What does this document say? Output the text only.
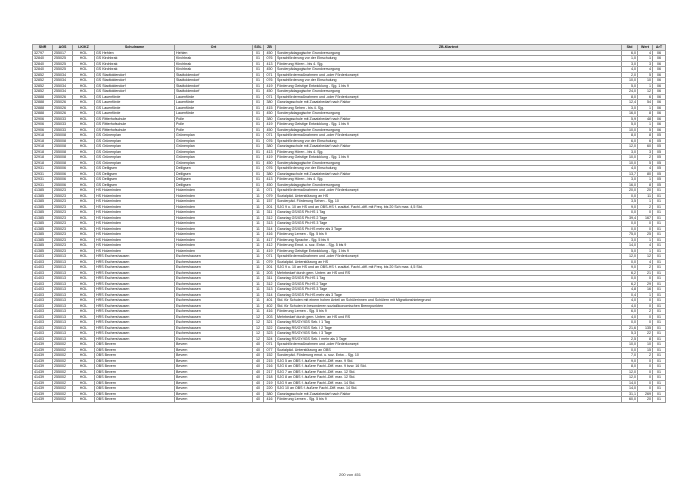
SNR	AGS	LK/KZ	Schulname	Ort	SGL	ZB	ZB-Klartext	Std	Wert	ArT
32797	255017	HOL	GS Hehlen	Hehlen	01	450	Sonderpädagogische Grundversorgung	6,0	4	06
32840	255025	HOL	GS Kirchbrak	Kirchbrak	01	076	Sprachförderung vor der Einschulung	1,0	1	06
32840	255025	HOL	GS Kirchbrak	Kirchbrak	01	413	Förderung Hören - bis 4. Sjg.	3,0	3	06
32840	255025	HOL	GS Kirchbrak	Kirchbrak	01	450	Sonderpädagogische Grundversorgung	4,0	4	06
32852	255034	HOL	GS Stadtoldendorf	Stadtoldendorf	01	071	Sprachfördermaßnahmen und -oder Förderkonzept	2,0	5	06
32852	255034	HOL	GS Stadtoldendorf	Stadtoldendorf	01	076	Sprachförderung vor der Einschulung	10,0	10	06
32852	255034	HOL	GS Stadtoldendorf	Stadtoldendorf	01	419	Förderung Geistige Entwicklung - Sjg. 1 bis 9	5,0	1	06
32852	255034	HOL	GS Stadtoldendorf	Stadtoldendorf	01	450	Sonderpädagogische Grundversorgung	24,0	12	06
32888	255026	HOL	GS Lauenförde	Lauenförde	01	071	Sprachfördermaßnahmen und -oder Förderkonzept	8,0	6	06
32888	255026	HOL	GS Lauenförde	Lauenförde	01	380	Ganztagsschule mit Zusatzbedarf nach Faktor	12,4	54	06
32888	255026	HOL	GS Lauenförde	Lauenförde	01	415	Förderung Sehen - bis 4. Sjg.	3,0	1	06
32888	255026	HOL	GS Lauenförde	Lauenförde	01	450	Sonderpädagogische Grundversorgung	16,0	8	06
32906	255033	HOL	GS Ritterhofschule	Polle	01	380	Ganztagsschule mit Zusatzbedarf nach Faktor	5,9	48	06
32906	255033	HOL	GS Ritterhofschule	Polle	01	419	Förderung Geistige Entwicklung - Sjg. 1 bis 9	5,0	1	06
32906	255033	HOL	GS Ritterhofschule	Polle	01	450	Sonderpädagogische Grundversorgung	10,0	5	06
32918	255008	HOL	GS Grünenplan	Grünenplan	01	071	Sprachfördermaßnahmen und -oder Förderkonzept	8,0	8	05
32918	255008	HOL	GS Grünenplan	Grünenplan	01	076	Sprachförderung vor der Einschulung	6,0	6	05
32918	255008	HOL	GS Grünenplan	Grünenplan	01	380	Ganztagsschule mit Zusatzbedarf nach Faktor	12,0	60	05
32918	255008	HOL	GS Grünenplan	Grünenplan	01	413	Förderung Hören - bis 4. Sjg.	3,0	3	05
32918	255008	HOL	GS Grünenplan	Grünenplan	01	419	Förderung Geistige Entwicklung - Sjg. 1 bis 9	10,0	2	05
32918	255008	HOL	GS Grünenplan	Grünenplan	01	450	Sonderpädagogische Grundversorgung	10,0	5	05
32931	255006	HOL	GS Delligsen	Delligsen	01	076	Sprachförderung vor der Einschulung	4,0	4	05
32931	255006	HOL	GS Delligsen	Delligsen	01	380	Ganztagsschule mit Zusatzbedarf nach Faktor	13,7	80	05
32931	255006	HOL	GS Delligsen	Delligsen	01	413	Förderung Hören - bis 4. Sjg.	3,0	1	05
32931	255006	HOL	GS Delligsen	Delligsen	01	450	Sonderpädagogische Grundversorgung	16,0	8	05
41385	255023	HOL	HS Holzminden	Holzminden	11	071	Sprachfördermaßnahmen und -oder Förderkonzept	20,0	20	01
41385	255023	HOL	HS Holzminden	Holzminden	11	079	Sozialpäd. Unterstützung an HS	0,0	11	01
41385	255023	HOL	HS Holzminden	Holzminden	11	157	Sonderpäd. Förderung Sehen - Sjg. 10	3,5	1	01
41385	255023	HOL	HS Holzminden	Holzminden	11	201	SJG 9 u. 10 an HS und an OBS-HS f. zusätzl. Fachl.-diff. mit Freq. bis 20 Sch max. 4,5 Std.	9,0	2	01
41385	255023	HOL	HS Holzminden	Holzminden	11	311	Ganztag GS/IGS Pb.HS 1 Tag	0,0	0	01
41385	255023	HOL	HS Holzminden	Holzminden	11	312	Ganztag GS/IGS Pb.HS 2 Tage	39,4	167	01
41385	255023	HOL	HS Holzminden	Holzminden	11	313	Ganztag GS/IGS Pb.HS 3 Tage	0,0	0	01
41385	255023	HOL	HS Holzminden	Holzminden	11	314	Ganztag GS/IGS Pb.HS mehr als 3 Tage	0,0	0	01
41385	255023	HOL	HS Holzminden	Holzminden	11	416	Förderung Lernen - Sjg. 5 bis 9	75,0	25	01
41385	255023	HOL	HS Holzminden	Holzminden	11	417	Förderung Sprache - Sjg. 5 bis 9	3,0	1	01
41385	255023	HOL	HS Holzminden	Holzminden	11	412	Förderung Emot. u. soz. Entw. - Sjg. 5 bis 9	14,0	4	01
41385	255023	HOL	HS Holzminden	Holzminden	11	419	Förderung Geistige Entwicklung - Sjg. 1 bis 9	5,0	1	01
41403	255013	HOL	HRS Eschershausen	Eschershausen	11	071	Sprachfördermaßnahmen und -oder Förderkonzept	12,0	12	01
41403	255013	HOL	HRS Eschershausen	Eschershausen	11	079	Sozialpäd. Unterstützung an HS	0,0	4	01
41403	255013	HOL	HRS Eschershausen	Eschershausen	11	201	SJG 9 u. 10 an HS und an OBS-HS f. zusätzl. Fachl.-diff. mit Freq. bis 20 Sch max. 4,5 Std.	9,0	2	01
41403	255013	HOL	HRS Eschershausen	Eschershausen	11	203	Mehrbedarf durch gem. Unterr. an HS und RS	6,2	21	01
41403	255013	HOL	HRS Eschershausen	Eschershausen	11	311	Ganztag GS/IGS Pb.HS 1 Tag	0,0	0	01
41403	255013	HOL	HRS Eschershausen	Eschershausen	11	312	Ganztag GS/IGS Pb.HS 2 Tage	6,2	29	01
41403	255013	HOL	HRS Eschershausen	Eschershausen	11	313	Ganztag GS/IGS Pb.HS 3 Tage	4,8	16	01
41403	255013	HOL	HRS Eschershausen	Eschershausen	11	314	Ganztag GS/IGS Pb.HS mehr als 3 Tage	0,4	1	01
41403	255013	HOL	HRS Eschershausen	Eschershausen	11	401	Std. für Schulen mit einem hohen Anteil an Schülerinnen und Schülern mit Migrationshintergrund	4,0	0	01
41403	255013	HOL	HRS Eschershausen	Eschershausen	11	402	Std. für Schulen in besonderen sozialökonomischen Brennpunkten	4,0	0	01
41403	255013	HOL	HRS Eschershausen	Eschershausen	11	416	Förderung Lernen - Sjg. 5 bis 9	6,0	2	01
41403	255013	HOL	HRS Eschershausen	Eschershausen	12	203	Mehrbedarf durch gem. Unterr. an HS und RS	4,0	0	01
41403	255013	HOL	HRS Eschershausen	Eschershausen	12	321	Ganztag RS/GY/IGS Sek. I 1 Tag	0,0	0	01
41403	255013	HOL	HRS Eschershausen	Eschershausen	12	322	Ganztag RS/GY/IGS Sek. I 2 Tage	21,6	135	01
41403	255013	HOL	HRS Eschershausen	Eschershausen	12	323	Ganztag RS/GY/IGS Sek. I 3 Tage	5,3	22	01
41403	255013	HOL	HRS Eschershausen	Eschershausen	12	324	Ganztag RS/GY/IGS Sek. I mehr als 3 Tage	2,5	8	01
41439	255002	HOL	OBS Bevern	Bevern	40	071	Sprachfördermaßnahmen und -oder Förderkonzept	10,0	10	01
41439	255002	HOL	OBS Bevern	Bevern	40	077	Sozialpäd. Unterstützung an OBS	0,0	15	01
41439	255002	HOL	OBS Bevern	Bevern	40	152	Sonderpäd. Förderung emot. u. soz. Entw. - Sjg. 10	7,0	2	01
41439	255002	HOL	OBS Bevern	Bevern	40	215	SJG 5 an OBS f. äußere Fachl.-Diff. max. 9 Std.	9,0	0	01
41439	255002	HOL	OBS Bevern	Bevern	40	216	SJG 6 an OBS f. äußere Fachl.-Diff. max. 9 bzw. 16 Std.	8,0	0	01
41439	255002	HOL	OBS Bevern	Bevern	40	217	SJG 7 an OBS f. äußere Fachl.-Diff. max. 12 Std.	12,0	0	01
41439	255002	HOL	OBS Bevern	Bevern	40	218	SJG 8 an OBS f. äußere Fachl.-Diff. max. 12 Std.	12,0	0	01
41439	255002	HOL	OBS Bevern	Bevern	40	219	SJG 9 an OBS f. äußere Fachl.-Diff. max. 14 Std.	14,0	0	01
41439	255002	HOL	OBS Bevern	Bevern	40	220	SJG 10 an OBS f. äußere Fachl.-Diff. max. 14 Std.	14,0	0	01
41439	255002	HOL	OBS Bevern	Bevern	40	380	Ganztagsschule mit Zusatzbedarf nach Faktor	31,1	269	01
41439	255002	HOL	OBS Bevern	Bevern	40	416	Förderung Lernen - Sjg. 5 bis 9	60,0	20	01
200 von 451
